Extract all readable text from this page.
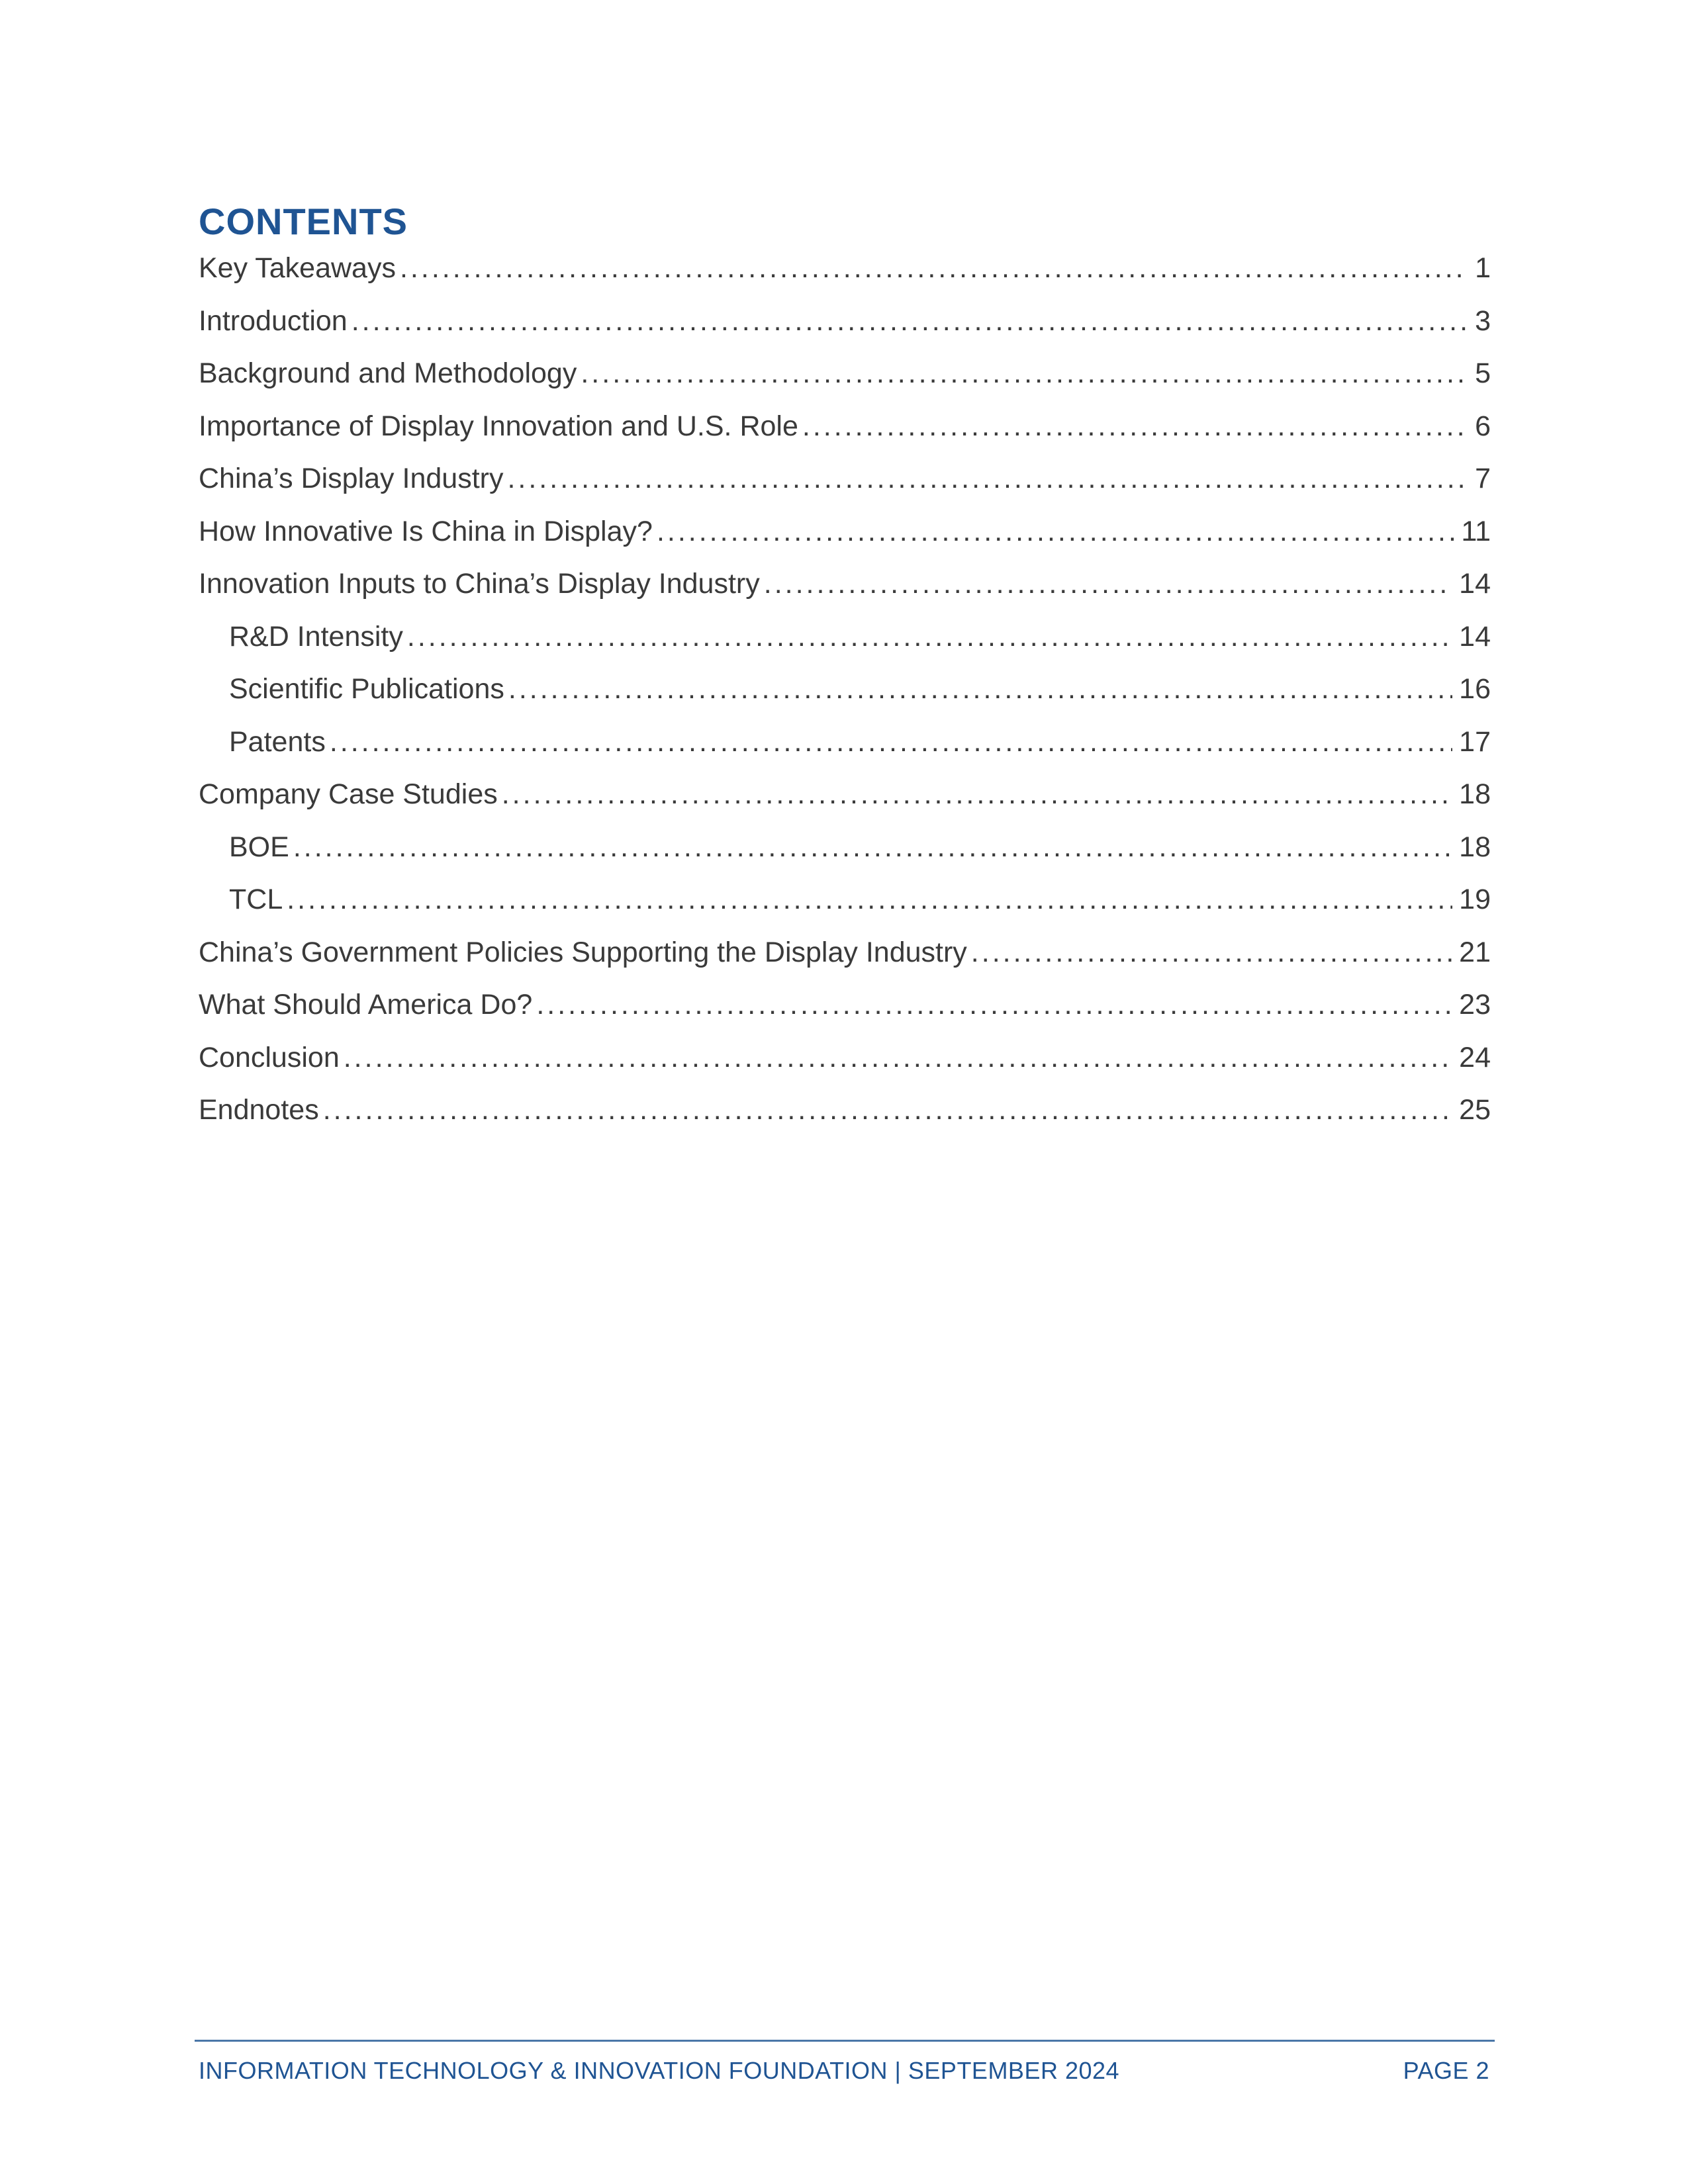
CONTENTS
Key Takeaways .....	1
Introduction .....	3
Background and Methodology .....	5
Importance of Display Innovation and U.S. Role .....	6
China’s Display Industry .....	7
How Innovative Is China in Display? .....	11
Innovation Inputs to China’s Display Industry .....	14
R&D Intensity .....	14
Scientific Publications .....	16
Patents .....	17
Company Case Studies .....	18
BOE .....	18
TCL .....	19
China’s Government Policies Supporting the Display Industry .....	21
What Should America Do? .....	23
Conclusion .....	24
Endnotes .....	25
INFORMATION TECHNOLOGY & INNOVATION FOUNDATION | SEPTEMBER 2024	PAGE 2
